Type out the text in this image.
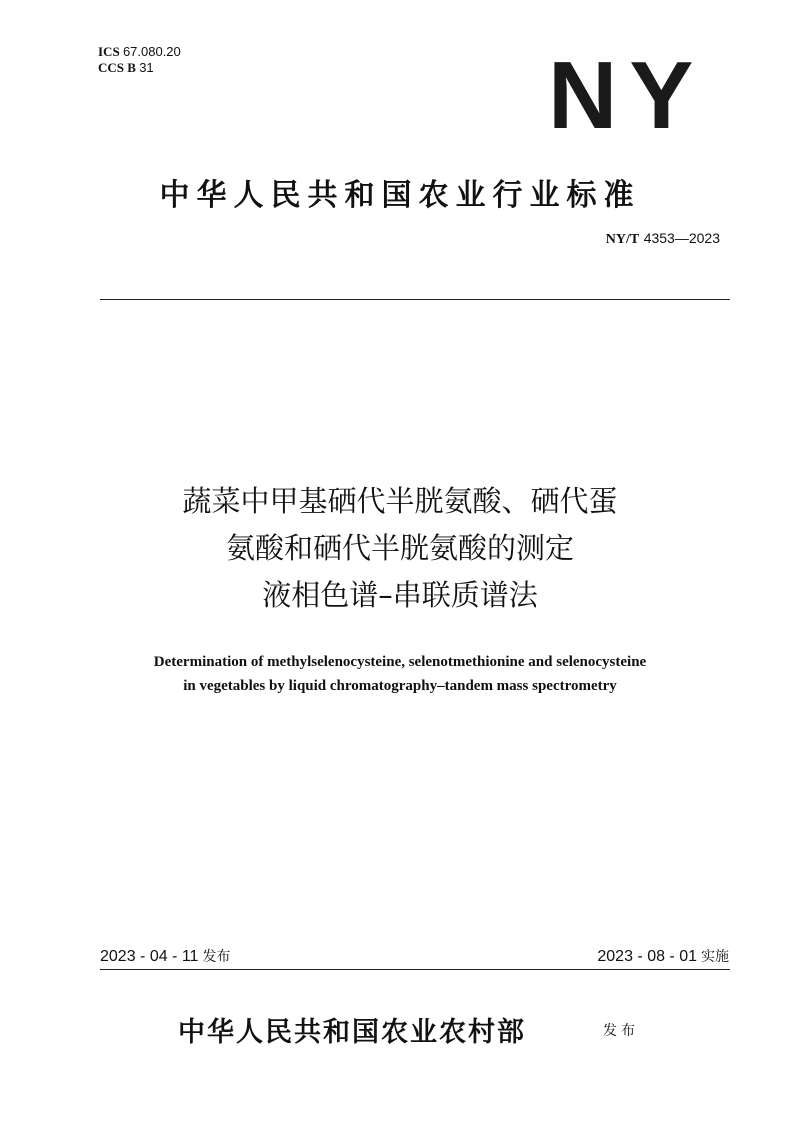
ICS 67.080.20
CCS B 31	NY
中华人民共和国农业行业标准
NY/T 4353—2023
蔬菜中甲基硒代半胱氨酸、硒代蛋
氨酸和硒代半胱氨酸的测定
液相色谱–串联质谱法
Determination of methylselenocysteine, selenotmethionine and selenocysteine
in vegetables by liquid chromatography–tandem mass spectrometry
2023 - 04 - 11 发布	2023 - 08 - 01 实施
中华人民共和国农业农村部	发布
